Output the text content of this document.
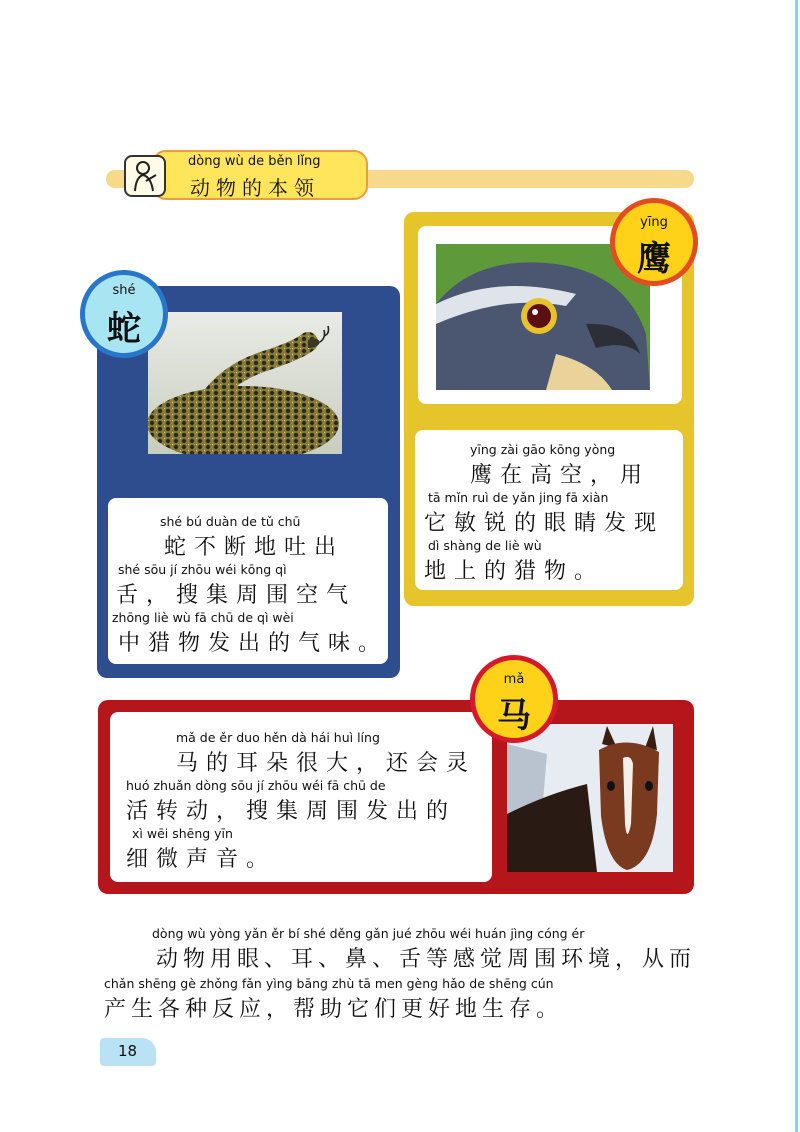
dòng wù de běn lǐng
动物的本领
shé
蛇
shé bú duàn de tǔ chū
蛇不断地吐出
shé sōu jí zhōu wéi kōng qì
舌，搜集周围空气
zhōng liè wù fā chū de qì wèi
中猎物发出的气味。
yīng
鹰
yīng zài gāo kōng yòng
鹰在高空，用
tā mǐn ruì de yǎn jing fā xiàn
它敏锐的眼睛发现
dì shàng de liè wù
地上的猎物。
mǎ
马
mǎ de ěr duo hěn dà hái huì líng
马的耳朵很大，还会灵
huó zhuǎn dòng sōu jí zhōu wéi fā chū de
活转动，搜集周围发出的
xì wēi shēng yīn
细微声音。
dòng wù yòng yǎn ěr bí shé děng gǎn jué zhōu wéi huán jìng cóng ér
动物用眼、耳、鼻、舌等感觉周围环境，从而
chǎn shēng gè zhǒng fǎn yìng bāng zhù tā men gèng hǎo de shēng cún
产生各种反应，帮助它们更好地生存。
18
